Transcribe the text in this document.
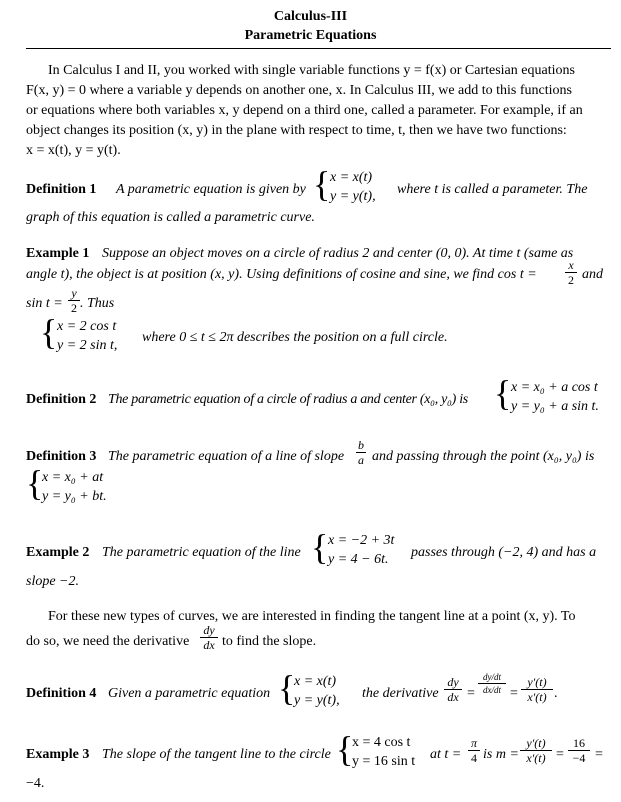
Calculus-III
Parametric Equations
In Calculus I and II, you worked with single variable functions y = f(x) or Cartesian equations
F(x, y) = 0 where a variable y depends on another one, x. In Calculus III, we add to this functions
or equations where both variables x, y depend on a third one, called a parameter. For example, if an
object changes its position (x, y) in the plane with respect to time, t, then we have two functions:
x = x(t), y = y(t).
Definition 1 A parametric equation is given by { x = x(t)
y = y(t), where t is called a parameter. The
graph of this equation is called a parametric curve.
Example 1 Suppose an object moves on a circle of radius 2 and center (0, 0). At time t (same as
angle t), the object is at position (x, y). Using definitions of cosine and sine, we find cos t =
x
2 and
sin t =
y
2 . Thus
{ x = 2 cos t
y = 2 sin t,
where 0 ≤ t ≤ 2π describes the position on a full circle.
Definition 2 The parametric equation of a circle of radius a and center (x₀, y₀) is { x = x₀ + a cos t
y = y₀ + a sin t.
Definition 3 The parametric equation of a line of slope
b
a and passing through the point (x₀, y₀) is
{
x = x₀ + at
y = y₀ + bt.
Example 2 The parametric equation of the line { x = −2 + 3t
y = 4 − 6t.	passes through (−2, 4) and has a
slope −2.
For these new types of curves, we are interested in finding the tangent line at a point (x, y). To
do so, we need the derivative
dy
dx to find the slope.
Definition 4 Given a parametric equation {
x = x(t)
y = y(t), the derivative
dy
dx =
dy/dt
dx/dt =
y′(t)
x′(t) .
Example 3 The slope of the tangent line to the circle {
x = 4 cos t
y = 16 sin t at t =
π
4 is m =
y′(t)
x′(t) =
16
−4 =
−4.
